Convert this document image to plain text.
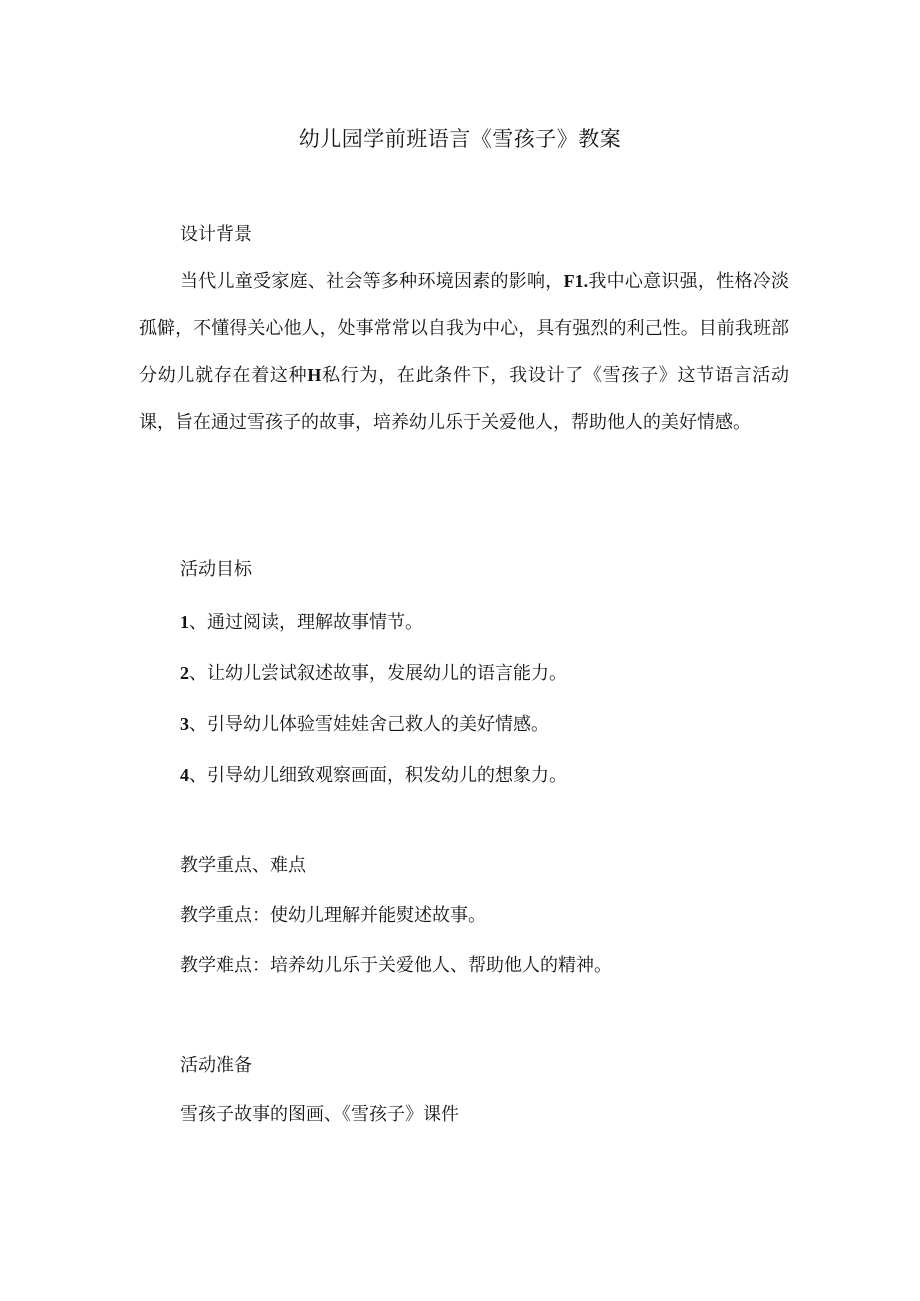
幼儿园学前班语言《雪孩子》教案
设计背景
当代儿童受家庭、社会等多种环境因素的影响，F1.我中心意识强，性格冷淡孤僻，不懂得关心他人，处事常常以自我为中心，具有强烈的利己性。目前我班部分幼儿就存在着这种H私行为，在此条件下，我设计了《雪孩子》这节语言活动课，旨在通过雪孩子的故事，培养幼儿乐于关爱他人，帮助他人的美好情感。
活动目标
1、通过阅读，理解故事情节。
2、让幼儿尝试叙述故事，发展幼儿的语言能力。
3、引导幼儿体验雪娃娃舍己救人的美好情感。
4、引导幼儿细致观察画面，积发幼儿的想象力。
教学重点、难点
教学重点：使幼儿理解并能熨述故事。
教学难点：培养幼儿乐于关爱他人、帮助他人的精神。
活动准备
雪孩子故事的图画、《雪孩子》课件
